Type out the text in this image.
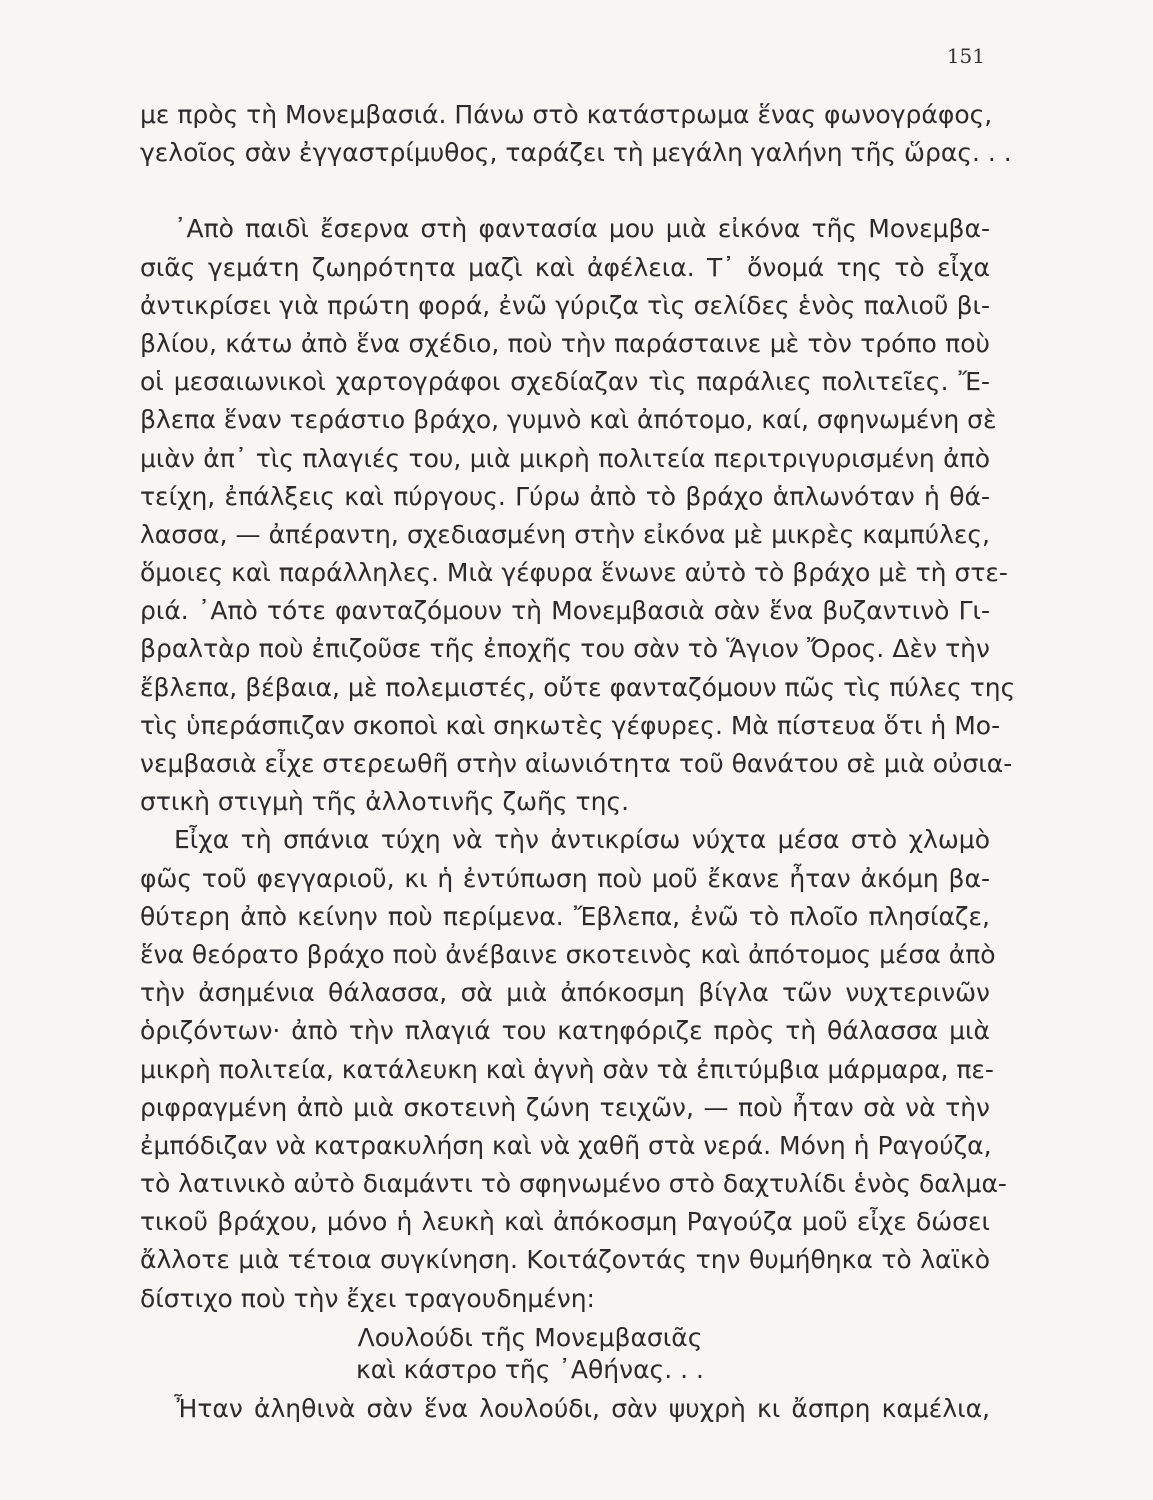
151
με πρὸς τὴ Μονεμβασιά. Πάνω στὸ κατάστρωμα ἕνας φωνογράφος,
γελοῖος σὰν ἐγγαστρίμυθος, ταράζει τὴ μεγάλη γαλήνη τῆς ὥρας. . .
᾿Απὸ παιδὶ ἔσερνα στὴ φαντασία μου μιὰ εἰκόνα τῆς Μονεμβα-
σιᾶς γεμάτη ζωηρότητα μαζὶ καὶ ἀφέλεια. Τ᾿ ὄνομά της τὸ εἶχα
ἀντικρίσει γιὰ πρώτη φορά, ἐνῶ γύριζα τὶς σελίδες ἑνὸς παλιοῦ βι-
βλίου, κάτω ἀπὸ ἕνα σχέδιο, ποὺ τὴν παράσταινε μὲ τὸν τρόπο ποὺ
οἱ μεσαιωνικοὶ χαρτογράφοι σχεδίαζαν τὶς παράλιες πολιτεῖες. Ἔ-
βλεπα ἕναν τεράστιο βράχο, γυμνὸ καὶ ἀπότομο, καί, σφηνωμένη σὲ
μιὰν ἀπ᾿ τὶς πλαγιές του, μιὰ μικρὴ πολιτεία περιτριγυρισμένη ἀπὸ
τείχη, ἐπάλξεις καὶ πύργους. Γύρω ἀπὸ τὸ βράχο ἁπλωνόταν ἡ θά-
λασσα, — ἀπέραντη, σχεδιασμένη στὴν εἰκόνα μὲ μικρὲς καμπύλες,
ὅμοιες καὶ παράλληλες. Μιὰ γέφυρα ἕνωνε αὐτὸ τὸ βράχο μὲ τὴ στε-
ριά. ᾿Απὸ τότε φανταζόμουν τὴ Μονεμβασιὰ σὰν ἕνα βυζαντινὸ Γι-
βραλτὰρ ποὺ ἐπιζοῦσε τῆς ἐποχῆς του σὰν τὸ Ἅγιον Ὄρος. Δὲν τὴν
ἔβλεπα, βέβαια, μὲ πολεμιστές, οὔτε φανταζόμουν πῶς τὶς πύλες της
τὶς ὑπεράσπιζαν σκοποὶ καὶ σηκωτὲς γέφυρες. Μὰ πίστευα ὅτι ἡ Μο-
νεμβασιὰ εἶχε στερεωθῆ στὴν αἰωνιότητα τοῦ θανάτου σὲ μιὰ οὐσια-
στικὴ στιγμὴ τῆς ἀλλοτινῆς ζωῆς της.
Εἶχα τὴ σπάνια τύχη νὰ τὴν ἀντικρίσω νύχτα μέσα στὸ χλωμὸ
φῶς τοῦ φεγγαριοῦ, κι ἡ ἐντύπωση ποὺ μοῦ ἔκανε ἦταν ἀκόμη βα-
θύτερη ἀπὸ κείνην ποὺ περίμενα. Ἔβλεπα, ἐνῶ τὸ πλοῖο πλησίαζε,
ἕνα θεόρατο βράχο ποὺ ἀνέβαινε σκοτεινὸς καὶ ἀπότομος μέσα ἀπὸ
τὴν ἀσημένια θάλασσα, σὰ μιὰ ἀπόκοσμη βίγλα τῶν νυχτερινῶν
ὁριζόντων· ἀπὸ τὴν πλαγιά του κατηφόριζε πρὸς τὴ θάλασσα μιὰ
μικρὴ πολιτεία, κατάλευκη καὶ ἁγνὴ σὰν τὰ ἐπιτύμβια μάρμαρα, πε-
ριφραγμένη ἀπὸ μιὰ σκοτεινὴ ζώνη τειχῶν, — ποὺ ἦταν σὰ νὰ τὴν
ἐμπόδιζαν νὰ κατρακυλήση καὶ νὰ χαθῆ στὰ νερά. Μόνη ἡ Ραγούζα,
τὸ λατινικὸ αὐτὸ διαμάντι τὸ σφηνωμένο στὸ δαχτυλίδι ἑνὸς δαλμα-
τικοῦ βράχου, μόνο ἡ λευκὴ καὶ ἀπόκοσμη Ραγούζα μοῦ εἶχε δώσει
ἄλλοτε μιὰ τέτοια συγκίνηση. Κοιτάζοντάς την θυμήθηκα τὸ λαϊκὸ
δίστιχο ποὺ τὴν ἔχει τραγουδημένη:
Λουλούδι τῆς Μονεμβασιᾶς
καὶ κάστρο τῆς ᾿Αθήνας. . .
Ἦταν ἀληθινὰ σὰν ἕνα λουλούδι, σὰν ψυχρὴ κι ἄσπρη καμέλια,
